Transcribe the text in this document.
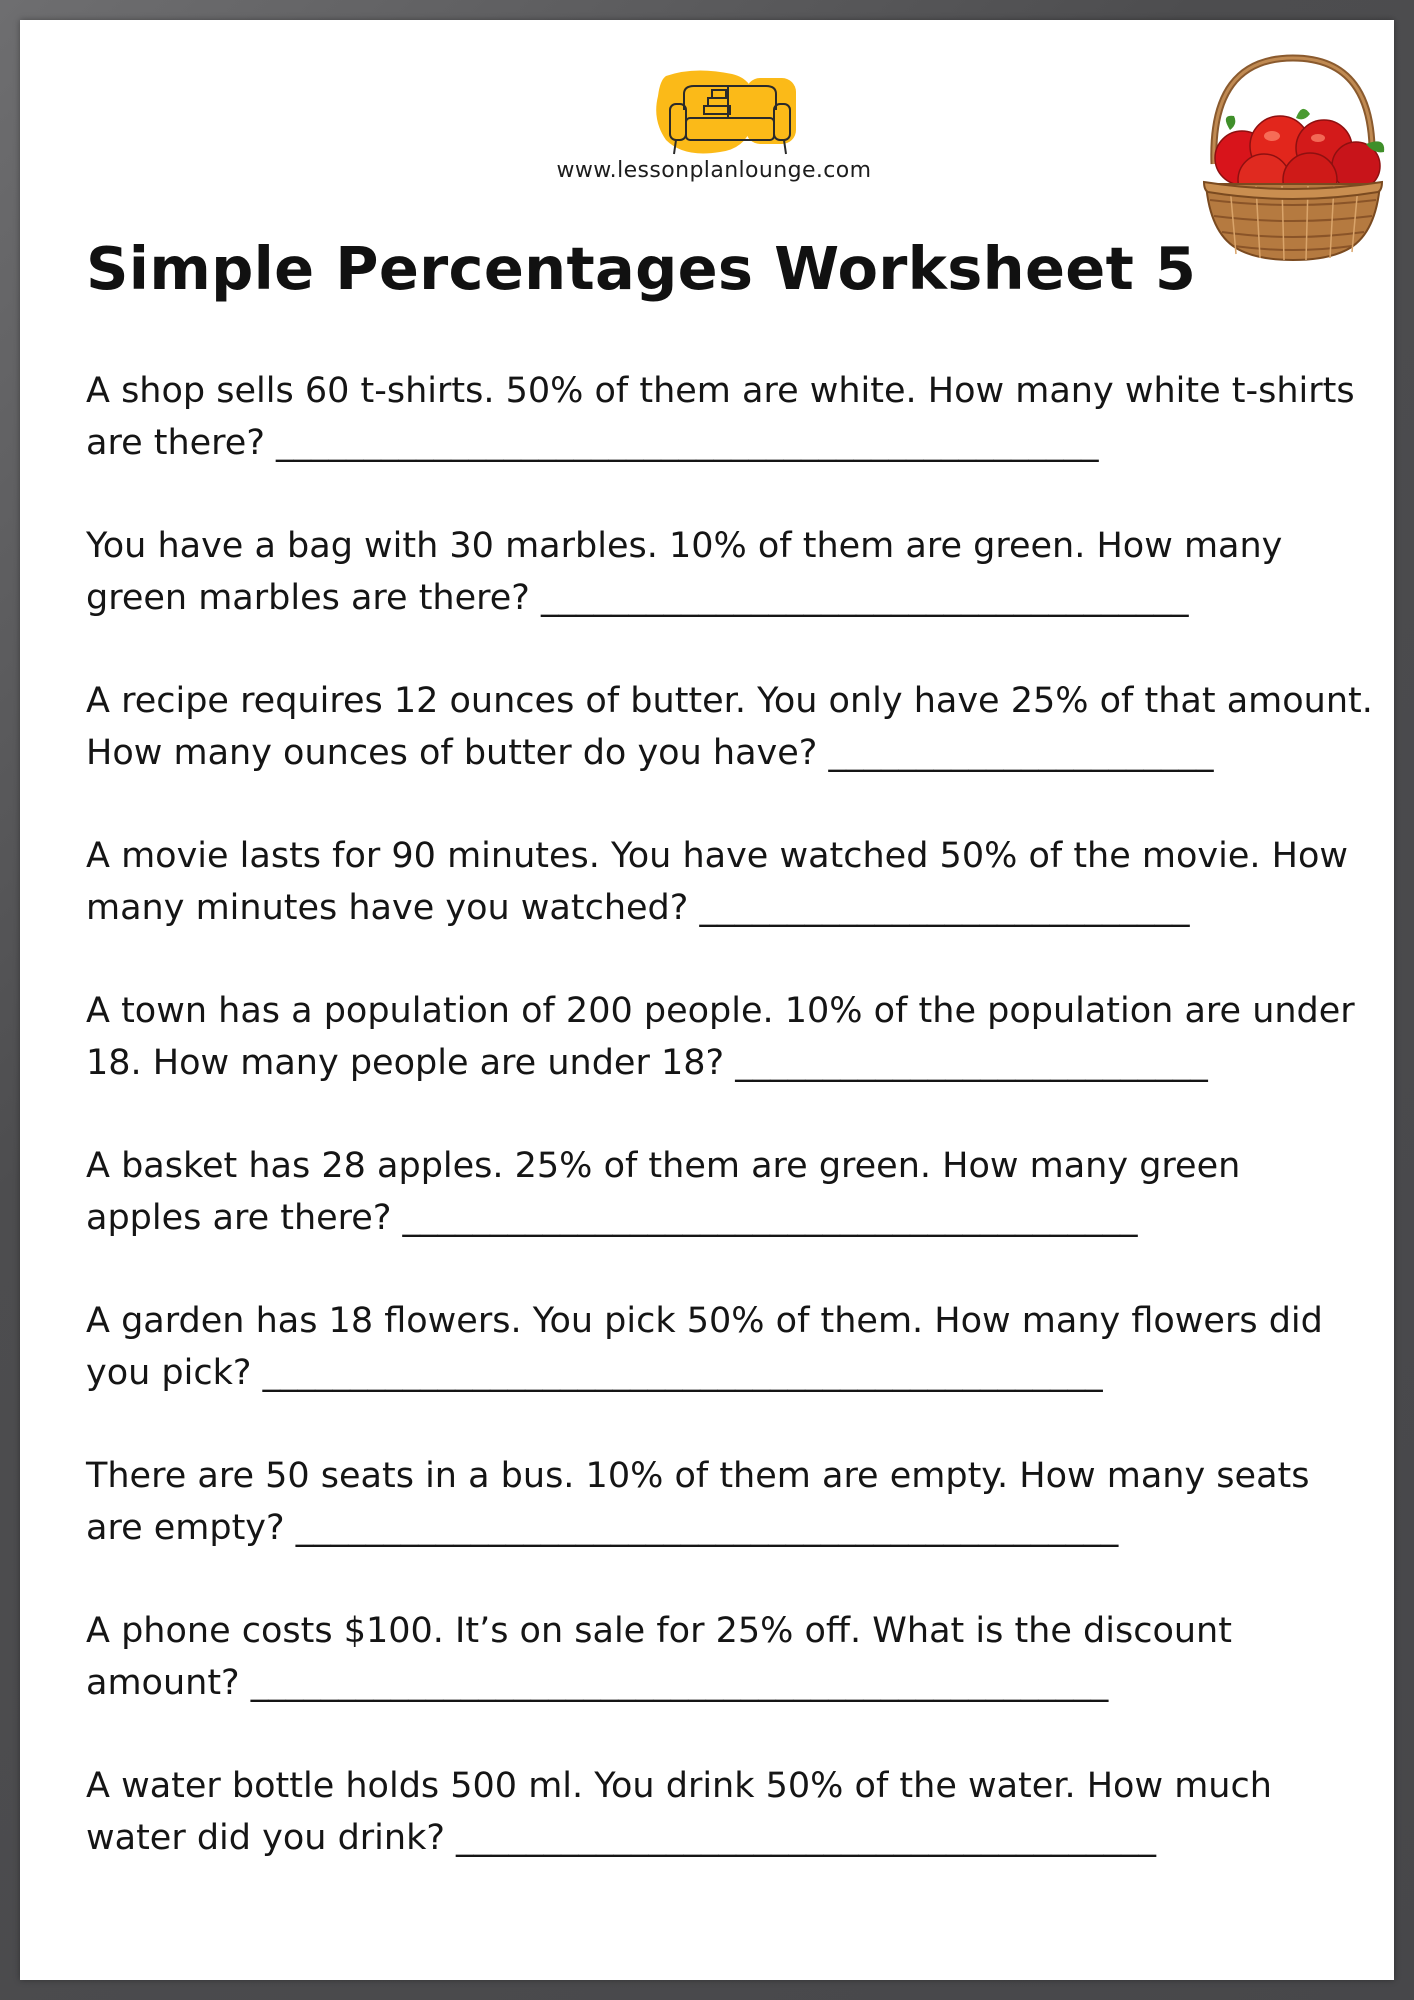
www.lessonplanlounge.com
Simple Percentages Worksheet 5
A shop sells 60 t-shirts. 50% of them are white. How many white t-shirts
are there? _______________________________________________
You have a bag with 30 marbles. 10% of them are green. How many
green marbles are there? _____________________________________
A recipe requires 12 ounces of butter. You only have 25% of that amount.
How many ounces of butter do you have? ______________________
A movie lasts for 90 minutes. You have watched 50% of the movie. How
many minutes have you watched? ____________________________
A town has a population of 200 people. 10% of the population are under
18. How many people are under 18? ___________________________
A basket has 28 apples. 25% of them are green. How many green
apples are there? __________________________________________
A garden has 18 flowers. You pick 50% of them. How many flowers did
you pick? ________________________________________________
There are 50 seats in a bus. 10% of them are empty. How many seats
are empty? _______________________________________________
A phone costs $100. It’s on sale for 25% off. What is the discount
amount? _________________________________________________
A water bottle holds 500 ml. You drink 50% of the water. How much
water did you drink? ________________________________________
